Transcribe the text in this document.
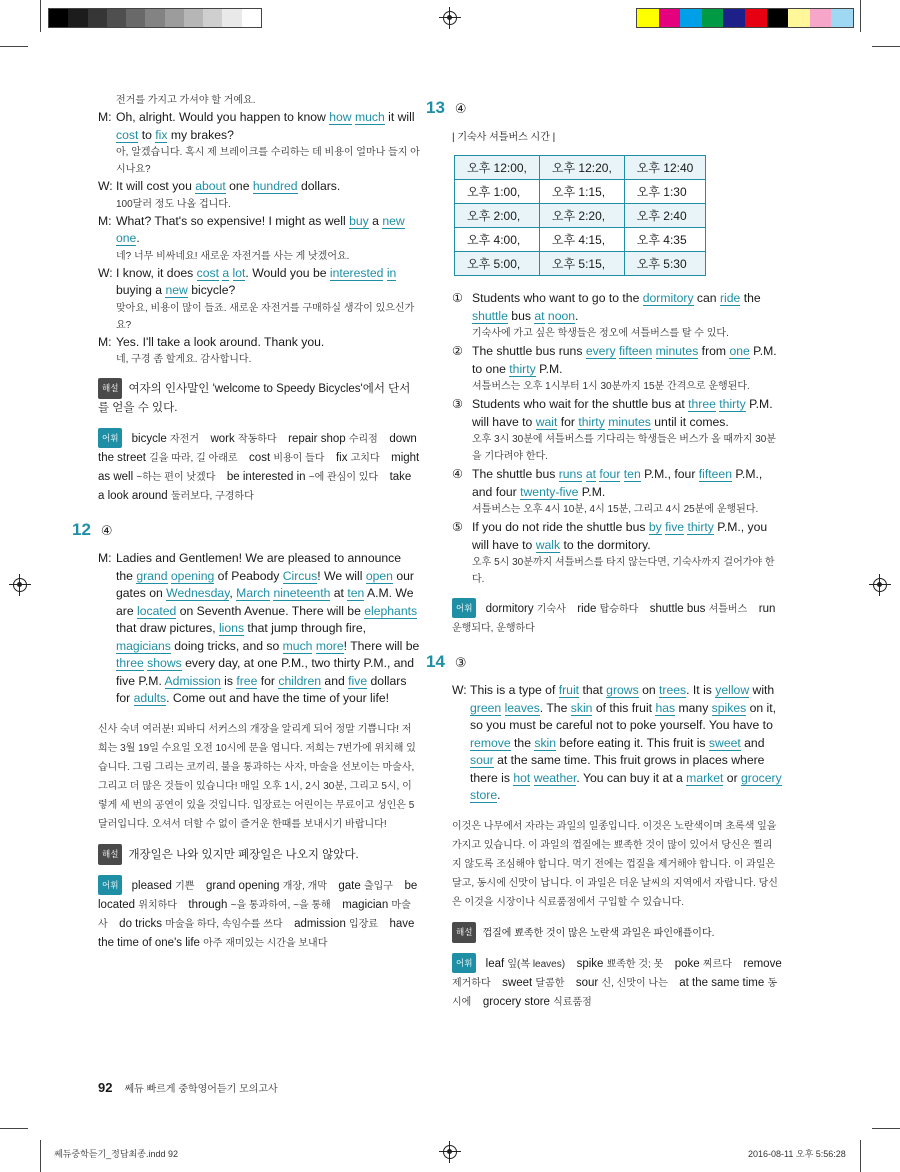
전거를 가지고 가셔야 할 거예요.
M: Oh, alright. Would you happen to know how much it will cost to fix my brakes?
아, 알겠습니다. 혹시 제 브레이크를 수리하는 데 비용이 얼마나 들지 아시나요?
W: It will cost you about one hundred dollars.
100달러 정도 나올 겁니다.
M: What? That's so expensive! I might as well buy a new one.
네? 너무 비싸네요! 새로운 자전거를 사는 게 낫겠어요.
W: I know, it does cost a lot. Would you be interested in buying a new bicycle?
맞아요, 비용이 많이 들죠. 새로운 자전거를 구매하실 생각이 있으신가요?
M: Yes. I'll take a look around. Thank you.
네, 구경 좀 할게요. 감사합니다.
해설 여자의 인사말인 'welcome to Speedy Bicycles'에서 단서를 얻을 수 있다.
어휘 bicycle 자전거  work 작동하다  repair shop 수리점  down the street 길을 따라, 길 아래로  cost 비용이 들다  fix 고치다  might as well ~하는 편이 낫겠다  be interested in ~에 관심이 있다  take a look around 둘러보다, 구경하다
12 ④
M: Ladies and Gentlemen! We are pleased to announce the grand opening of Peabody Circus! We will open our gates on Wednesday, March nineteenth at ten A.M. We are located on Seventh Avenue. There will be elephants that draw pictures, lions that jump through fire, magicians doing tricks, and so much more! There will be three shows every day, at one P.M., two thirty P.M., and five P.M. Admission is free for children and five dollars for adults. Come out and have the time of your life!
신사 숙녀 여러분! 피바디 서커스의 개장을 알리게 되어 정말 기쁩니다! 저희는 3월 19일 수요일 오전 10시에 문을 엽니다. 저희는 7번가에 위치해 있습니다. 그림 그리는 코끼리, 불을 통과하는 사자, 마술을 선보이는 마술사, 그리고 더 많은 것들이 있습니다! 매일 오후 1시, 2시 30분, 그리고 5시, 이렇게 세 번의 공연이 있을 것입니다. 입장료는 어린이는 무료이고 성인은 5달러입니다. 오셔서 더할 수 없이 즐거운 한때를 보내시기 바랍니다!
해설 개장일은 나와 있지만 폐장일은 나오지 않았다.
어휘 pleased 기쁜  grand opening 개장, 개막  gate 출입구  be located 위치하다  through ~을 통과하여, ~을 통해  magician 마술사  do tricks 마술을 하다, 속임수를 쓰다  admission 입장료  have the time of one's life 아주 재미있는 시간을 보내다
13 ④
| 기숙사 셔틀버스 시간 |
오후 12:00,	오후 12:20,	오후 12:40
오후 1:00,	오후 1:15,	오후 1:30
오후 2:00,	오후 2:20,	오후 2:40
오후 4:00,	오후 4:15,	오후 4:35
오후 5:00,	오후 5:15,	오후 5:30
① Students who want to go to the dormitory can ride the shuttle bus at noon.
기숙사에 가고 싶은 학생들은 정오에 셔틀버스를 탈 수 있다.
② The shuttle bus runs every fifteen minutes from one P.M. to one thirty P.M.
셔틀버스는 오후 1시부터 1시 30분까지 15분 간격으로 운행된다.
③ Students who wait for the shuttle bus at three thirty P.M. will have to wait for thirty minutes until it comes.
오후 3시 30분에 셔틀버스를 기다리는 학생들은 버스가 올 때까지 30분을 기다려야 한다.
④ The shuttle bus runs at four ten P.M., four fifteen P.M., and four twenty-five P.M.
셔틀버스는 오후 4시 10분, 4시 15분, 그리고 4시 25분에 운행된다.
⑤ If you do not ride the shuttle bus by five thirty P.M., you will have to walk to the dormitory.
오후 5시 30분까지 셔틀버스를 타지 않는다면, 기숙사까지 걸어가야 한다.
어휘 dormitory 기숙사  ride 탑승하다  shuttle bus 셔틀버스  run 운행되다, 운행하다
14 ③
W: This is a type of fruit that grows on trees. It is yellow with green leaves. The skin of this fruit has many spikes on it, so you must be careful not to poke yourself. You have to remove the skin before eating it. This fruit is sweet and sour at the same time. This fruit grows in places where there is hot weather. You can buy it at a market or grocery store.
이것은 나무에서 자라는 과일의 일종입니다. 이것은 노란색이며 초록색 잎을 가지고 있습니다. 이 과일의 껍질에는 뾰족한 것이 많이 있어서 당신은 찔리지 않도록 조심해야 합니다. 먹기 전에는 껍질을 제거해야 합니다. 이 과일은 달고, 동시에 신맛이 납니다. 이 과일은 더운 날씨의 지역에서 자랍니다. 당신은 이것을 시장이나 식료품점에서 구입할 수 있습니다.
해설 껍질에 뾰족한 것이 많은 노란색 과일은 파인애플이다.
어휘 leaf 잎(복 leaves)  spike 뾰족한 것; 못  poke 찌르다  remove 제거하다  sweet 달콤한  sour 신, 신맛이 나는  at the same time 동시에  grocery store 식료품점
92 쎄듀 빠르게 중학영어듣기 모의고사
쎄듀중학듣기_정답최종.indd 92	2016-08-11 오후 5:56:28
